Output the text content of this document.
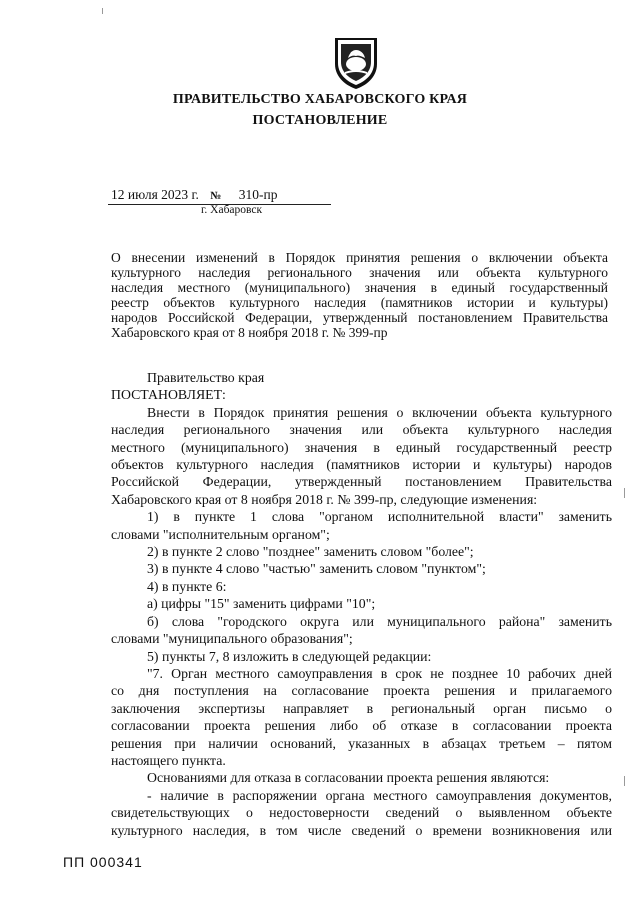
ПРАВИТЕЛЬСТВО ХАБАРОВСКОГО КРАЯ
ПОСТАНОВЛЕНИЕ
12 июля 2023 г. № 310-пр
г. Хабаровск
О внесении изменений в Порядок принятия решения о включении объекта
культурного наследия регионального значения или объекта культурного
наследия местного (муниципального) значения в единый государственный
реестр объектов культурного наследия (памятников истории и культуры)
народов Российской Федерации, утвержденный постановлением Правительства
Хабаровского края от 8 ноября 2018 г. № 399-пр

Правительство края

ПОСТАНОВЛЯЕТ:

Внести в Порядок принятия решения о включении объекта культурного
наследия регионального значения или объекта культурного наследия
местного (муниципального) значения в единый государственный реестр
объектов культурного наследия (памятников истории и культуры) народов
Российской Федерации, утвержденный постановлением Правительства
Хабаровского края от 8 ноября 2018 г. № 399-пр, следующие изменения:

1) в пункте 1 слова "органом исполнительной власти" заменить
словами "исполнительным органом";

2) в пункте 2 слово "позднее" заменить словом "более";

3) в пункте 4 слово "частью" заменить словом "пунктом";

4) в пункте 6:

а) цифры "15" заменить цифрами "10";

б) слова "городского округа или муниципального района" заменить
словами "муниципального образования";

5) пункты 7, 8 изложить в следующей редакции:

"7. Орган местного самоуправления в срок не позднее 10 рабочих дней
со дня поступления на согласование проекта решения и прилагаемого
заключения экспертизы направляет в региональный орган письмо о
согласовании проекта решения либо об отказе в согласовании проекта
решения при наличии оснований, указанных в абзацах третьем – пятом
настоящего пункта.

Основаниями для отказа в согласовании проекта решения являются:

- наличие в распоряжении органа местного самоуправления документов,
свидетельствующих о недостоверности сведений о выявленном объекте
культурного наследия, в том числе сведений о времени возникновения или

ПП 000341
